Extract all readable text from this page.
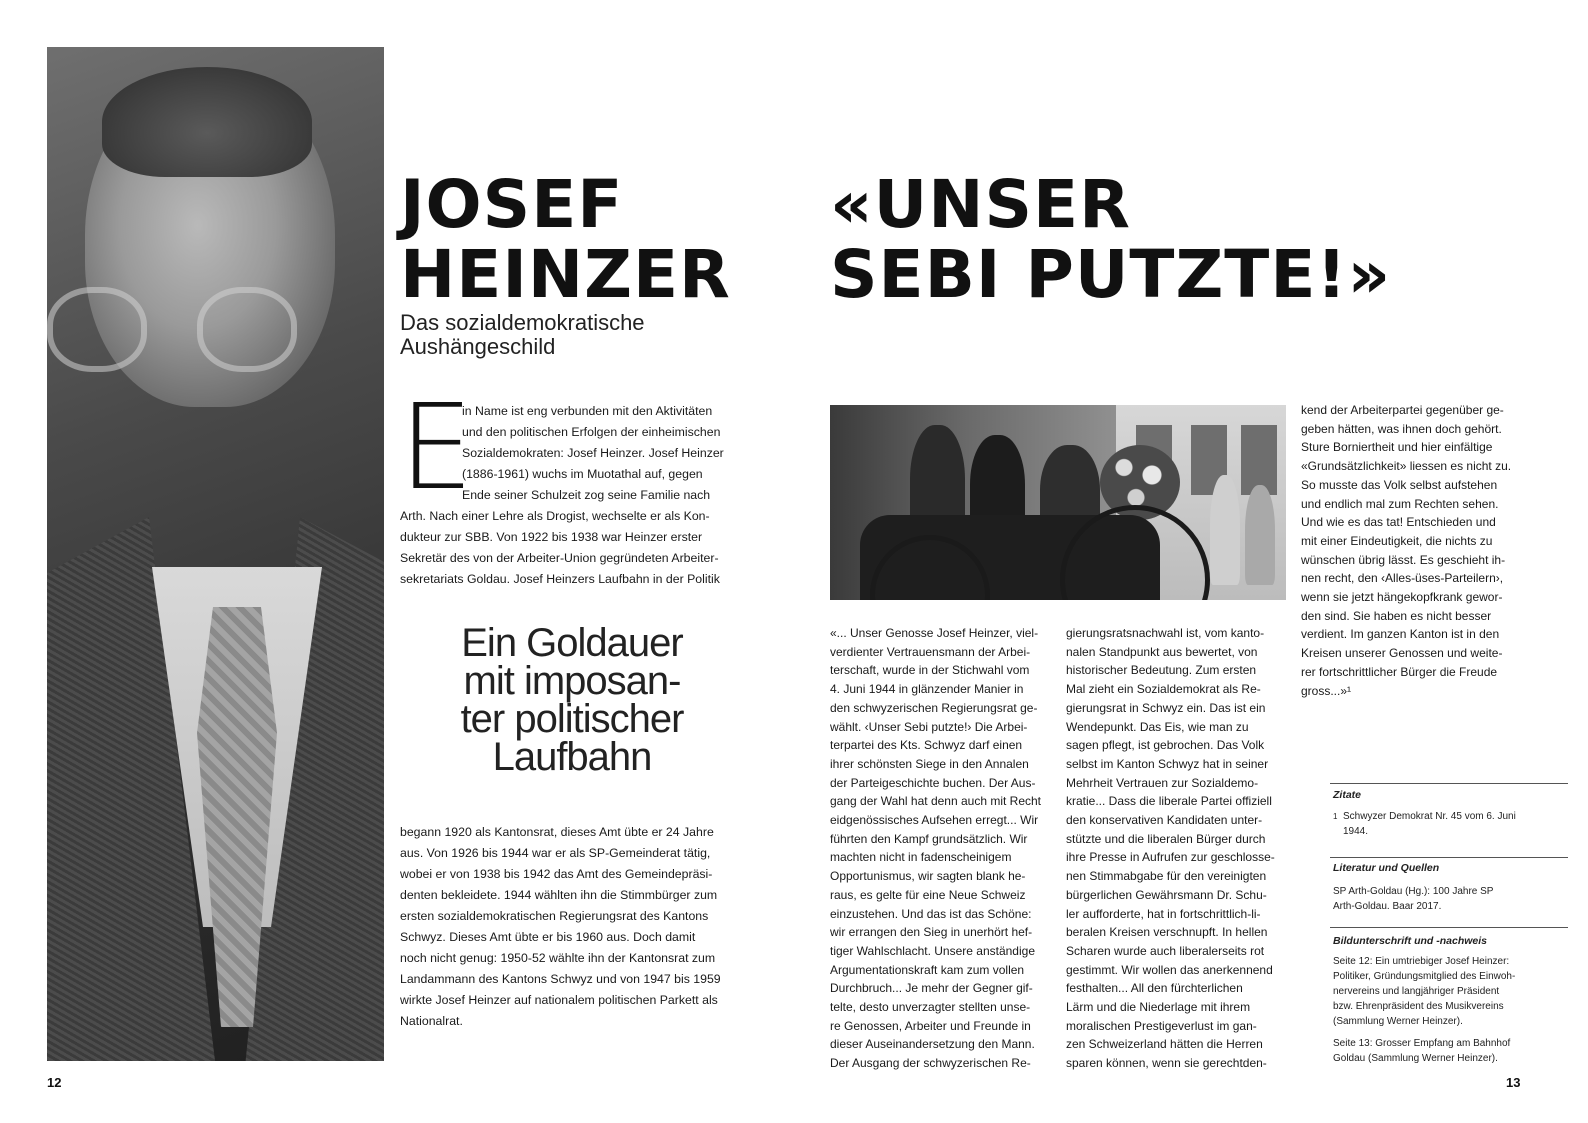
JOSEF
HEINZER
Das sozialdemokratische
Aushängeschild
E
in Name ist eng verbunden mit den Aktivitäten
und den politischen Erfolgen der einheimischen
Sozialdemokraten: Josef Heinzer. Josef Heinzer
(1886-1961) wuchs im Muotathal auf, gegen
Ende seiner Schulzeit zog seine Familie nach
Arth. Nach einer Lehre als Drogist, wechselte er als Kon-
dukteur zur SBB. Von 1922 bis 1938 war Heinzer erster
Sekretär des von der Arbeiter-Union gegründeten Arbeiter-
sekretariats Goldau. Josef Heinzers Laufbahn in der Politik
Ein Goldauer
mit imposan-
ter politischer
Laufbahn
begann 1920 als Kantonsrat, dieses Amt übte er 24 Jahre
aus. Von 1926 bis 1944 war er als SP-Gemeinderat tätig,
wobei er von 1938 bis 1942 das Amt des Gemeindepräsi-
denten bekleidete. 1944 wählten ihn die Stimmbürger zum
ersten sozialdemokratischen Regierungsrat des Kantons
Schwyz. Dieses Amt übte er bis 1960 aus. Doch damit
noch nicht genug: 1950-52 wählte ihn der Kantonsrat zum
Landammann des Kantons Schwyz und von 1947 bis 1959
wirkte Josef Heinzer auf nationalem politischen Parkett als
Nationalrat.
12
«UNSER
SEBI PUTZTE!»
«... Unser Genosse Josef Heinzer, viel-
verdienter Vertrauensmann der Arbei-
terschaft, wurde in der Stichwahl vom
4. Juni 1944 in glänzender Manier in
den schwyzerischen Regierungsrat ge-
wählt. ‹Unser Sebi putzte!› Die Arbei-
terpartei des Kts. Schwyz darf einen
ihrer schönsten Siege in den Annalen
der Parteigeschichte buchen. Der Aus-
gang der Wahl hat denn auch mit Recht
eidgenössisches Aufsehen erregt... Wir
führten den Kampf grundsätzlich. Wir
machten nicht in fadenscheinigem
Opportunismus, wir sagten blank he-
raus, es gelte für eine Neue Schweiz
einzustehen. Und das ist das Schöne:
wir errangen den Sieg in unerhört hef-
tiger Wahlschlacht. Unsere anständige
Argumentationskraft kam zum vollen
Durchbruch... Je mehr der Gegner gif-
telte, desto unverzagter stellten unse-
re Genossen, Arbeiter und Freunde in
dieser Auseinandersetzung den Mann.
Der Ausgang der schwyzerischen Re-
gierungsratsnachwahl ist, vom kanto-
nalen Standpunkt aus bewertet, von
historischer Bedeutung. Zum ersten
Mal zieht ein Sozialdemokrat als Re-
gierungsrat in Schwyz ein. Das ist ein
Wendepunkt. Das Eis, wie man zu
sagen pflegt, ist gebrochen. Das Volk
selbst im Kanton Schwyz hat in seiner
Mehrheit Vertrauen zur Sozialdemo-
kratie... Dass die liberale Partei offiziell
den konservativen Kandidaten unter-
stützte und die liberalen Bürger durch
ihre Presse in Aufrufen zur geschlosse-
nen Stimmabgabe für den vereinigten
bürgerlichen Gewährsmann Dr. Schu-
ler aufforderte, hat in fortschrittlich-li-
beralen Kreisen verschnupft. In hellen
Scharen wurde auch liberalerseits rot
gestimmt. Wir wollen das anerkennend
festhalten... All den fürchterlichen
Lärm und die Niederlage mit ihrem
moralischen Prestigeverlust im gan-
zen Schweizerland hätten die Herren
sparen können, wenn sie gerechtden-
kend der Arbeiterpartei gegenüber ge-
geben hätten, was ihnen doch gehört.
Sture Borniertheit und hier einfältige
«Grundsätzlichkeit» liessen es nicht zu.
So musste das Volk selbst aufstehen
und endlich mal zum Rechten sehen.
Und wie es das tat! Entschieden und
mit einer Eindeutigkeit, die nichts zu
wünschen übrig lässt. Es geschieht ih-
nen recht, den ‹Alles-üses-Parteilern›,
wenn sie jetzt hängekopfkrank gewor-
den sind. Sie haben es nicht besser
verdient. Im ganzen Kanton ist in den
Kreisen unserer Genossen und weite-
rer fortschrittlicher Bürger die Freude
gross...»¹
Zitate
1 Schwyzer Demokrat Nr. 45 vom 6. Juni
1944.
Literatur und Quellen
SP Arth-Goldau (Hg.): 100 Jahre SP
Arth-Goldau. Baar 2017.
Bildunterschrift und -nachweis
Seite 12: Ein umtriebiger Josef Heinzer:
Politiker, Gründungsmitglied des Einwoh-
nervereins und langjähriger Präsident
bzw. Ehrenpräsident des Musikvereins
(Sammlung Werner Heinzer).
Seite 13: Grosser Empfang am Bahnhof
Goldau (Sammlung Werner Heinzer).
13
